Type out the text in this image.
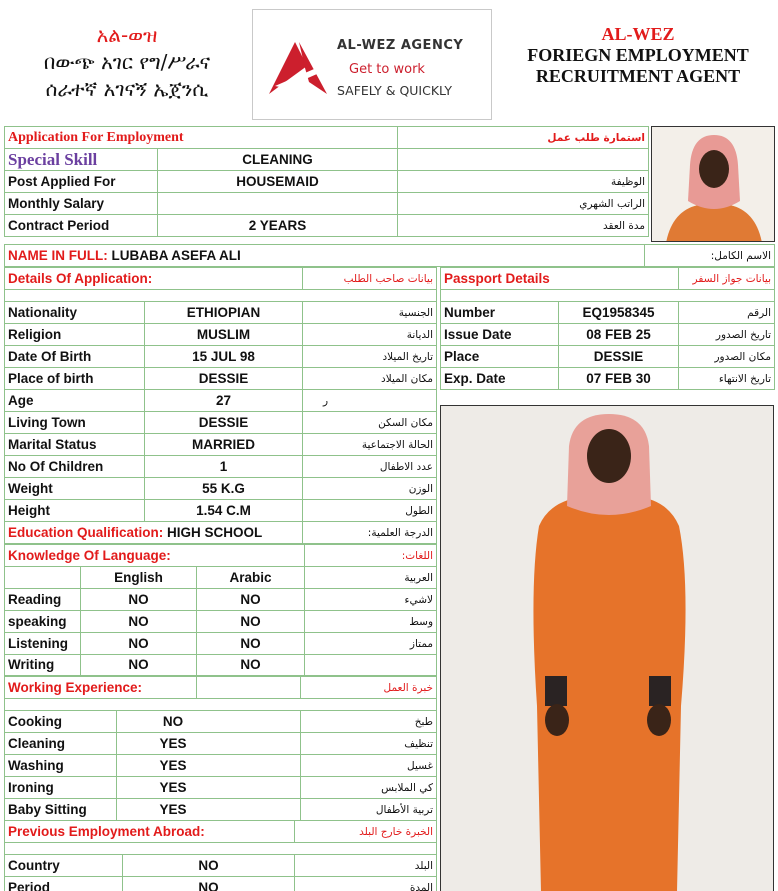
አል-ወዝ
በውጭ አገር የግ/ሥራና
ሰራተኛ አገናኝ ኤጀንሲ
AL-WEZ AGENCY
Get to work
SAFELY & QUICKLY
AL-WEZ
FORIEGN EMPLOYMENT
RECRUITMENT AGENT
Application For Employment		استمارة طلب عمل
Special Skill	CLEANING	
Post Applied For	HOUSEMAID	الوظيفة
Monthly Salary		الراتب الشهري
Contract Period	2 YEARS	مدة العقد
NAME IN FULL: LUBABA ASEFA ALI	الاسم الكامل:
Details Of Application:		بيانات صاحب الطلب

Nationality	ETHIOPIAN	الجنسية
Religion	MUSLIM	الديانة
Date Of Birth	15 JUL 98	تاريخ الميلاد
Place of birth	DESSIE	مكان الميلاد
Age	27	ر
Living Town	DESSIE	مكان السكن
Marital Status	MARRIED	الحالة الاجتماعية
No Of Children	1	عدد الاطفال
Weight	55 K.G	الوزن
Height	1.54 C.M	الطول
Education Qualification: HIGH SCHOOL		الدرجة العلمية:
Passport Details		بيانات جواز السفر

Number	EQ1958345	الرقم
Issue Date	08 FEB 25	تاريخ الصدور
Place	DESSIE	مكان الصدور
Exp. Date	07 FEB 30	تاريخ الانتهاء
Knowledge Of Language:			اللغات:
	English	Arabic	العربية
Reading	NO	NO	لاشيء
speaking	NO	NO	وسط
Listening	NO	NO	ممتاز
Writing	NO	NO	
Working Experience:			خبرة العمل

Cooking	NO		طبخ
Cleaning	YES		تنظيف
Washing	YES		غسيل
Ironing	YES		كي الملابس
Baby Sitting	YES		تربية الأطفال
Previous Employment Abroad:		الخبرة خارج البلد

Country	NO	البلد
Period	NO	المدة
